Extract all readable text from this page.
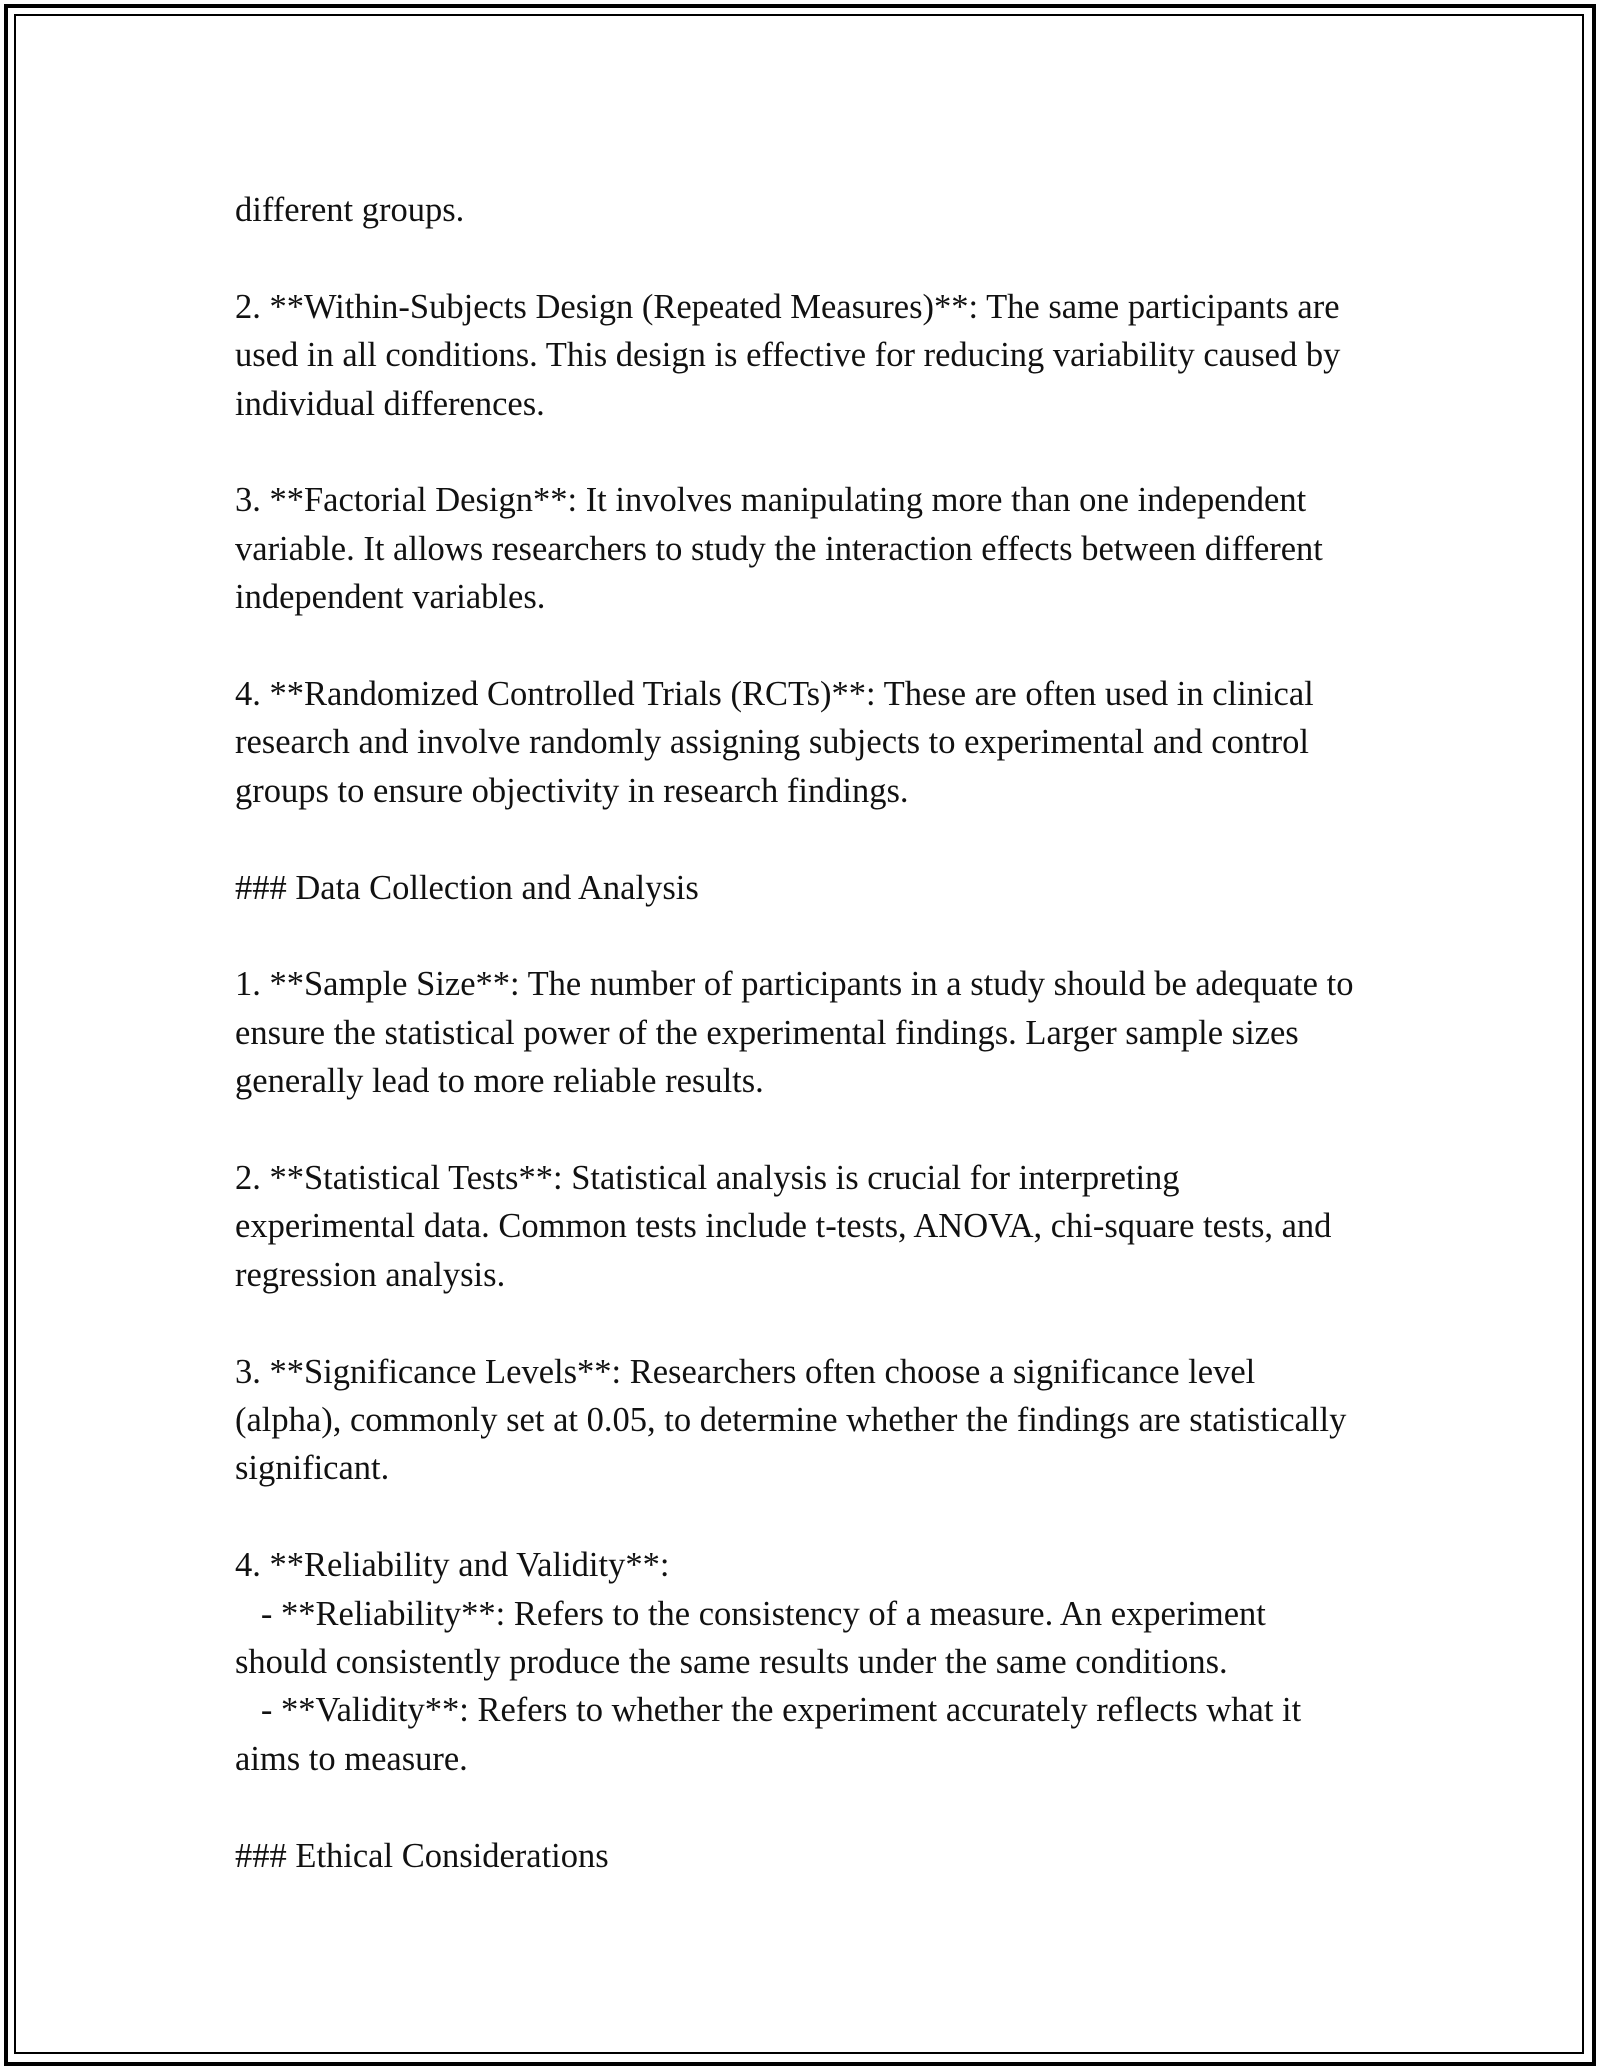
different groups.

2. **Within-Subjects Design (Repeated Measures)**: The same participants are used in all conditions. This design is effective for reducing variability caused by individual differences.

3. **Factorial Design**: It involves manipulating more than one independent variable. It allows researchers to study the interaction effects between different independent variables.

4. **Randomized Controlled Trials (RCTs)**: These are often used in clinical research and involve randomly assigning subjects to experimental and control groups to ensure objectivity in research findings.

### Data Collection and Analysis

1. **Sample Size**: The number of participants in a study should be adequate to ensure the statistical power of the experimental findings. Larger sample sizes generally lead to more reliable results.

2. **Statistical Tests**: Statistical analysis is crucial for interpreting experimental data. Common tests include t-tests, ANOVA, chi-square tests, and regression analysis.

3. **Significance Levels**: Researchers often choose a significance level (alpha), commonly set at 0.05, to determine whether the findings are statistically significant.

4. **Reliability and Validity**:
- **Reliability**: Refers to the consistency of a measure. An experiment should consistently produce the same results under the same conditions.
- **Validity**: Refers to whether the experiment accurately reflects what it aims to measure.

### Ethical Considerations
